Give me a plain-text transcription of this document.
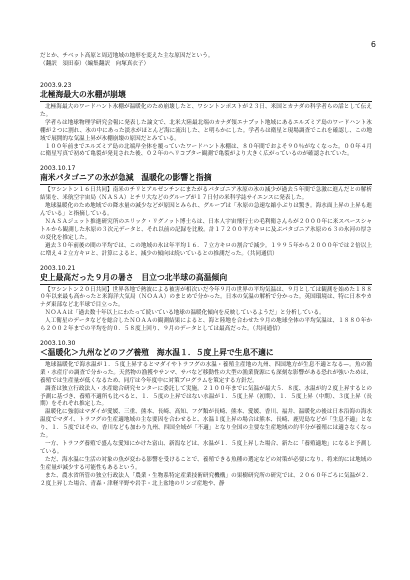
6
だとか、チベット高原と周辺地域の地形を変えた主な原因だという。
（翻訳　須田泰）（編集翻訳　向塚真衣子）
2003.9.23
北極海最大の氷棚が崩壊

北極海最大のワードハント氷棚が温暖化のため崩壊したと、ワシントンポストが２３日、米国とカナダの科学者らの話として伝えた。

学者らは地球物理学研究会報に発表した論文で、北米大陸最北端のカナダ領エナプット地域にあるエルズミア島のワードハント氷棚が２つに割れ、氷の中にあった淡水がほとんど海に流出した、と明らかにした。学者らは衛星と現場調査でこれを確認し、この地域で展開的な気温上昇が氷棚崩壊の原因だとみている。

１００年前までエルズミア島の北端岸全体を覆っていたワードハント氷棚は、８０年間でおよそ９０％がなくなった。００年４月に衛星写真で初めて亀裂が発見された後、０２年のヘリコプター観測で亀裂がより大きく広がっているのが確認されていた。

2003.10.17
南米パタゴニアの氷が急減　温暖化の影響と指摘

【ワシントン１６日共同】南米のチリとアルゼンチンにまたがるパタゴニア氷原の氷の減少が過去５年間で急激に進んだとの解析結果を、米航空宇宙局（ＮＡＳＡ）とチリ大などのグループが１７日付の米科学誌サイエンスに発表した。

地球温暖化のため地域での降水量の減少などが原因とみられ、グループは「氷原の急速な縮小ぶりは驚き。海水面上昇の上昇も進んでいる」と指摘している。

ＮＡＳＡジェット推進研究所のエリック・リグノット博士らは、日本人宇宙飛行士の毛利衛さんらが２０００年に米スペースシャトルから観測した氷原の３次元データと、それ以前の記録を比較。計１７２００平方キロに及ぶパタゴニア氷原の６３の氷河の厚さの変化を推定した。

過去３０年前後の間の平均では、この地域の氷は年平均１６．７立方キロの割合で減少。１９９５年から２０００年では２倍以上に増え４２立方キロと、計算によると、減少の傾向は続いているとの推測だった。（共同通信）

2003.10.21
史上最高だった９月の暑さ　目立つ北半球の高温傾向

【ワシントン２０日共同】世界各地で熱波による被害が相次いだ今年９月の世界の平均気温は、９月としては観測を始めた１８８０年以来最も高かったと米海洋大気局（ＮＯＡＡ）のまとめで分かった。日本の気温の解析で分かった。英国環境は、特に日本やカナダ東部など北半球で目立った。

ＮＯＡＡは「過去数十年以上にわたって続いている地球の温暖化傾向を反映しているようだ」と分析している。

人工衛星のデータなどを総合したＮＯＡＡの観測結果によると、海と陸地を合わせた９月の地球全体の平均気温は、１８８０年から２００２年までの平均を約０．５８度上回り、９月のデータとしては最高だった。（共同通信）

2003.10.30
＜温暖化＞九州などのフグ養殖　海水温１．５度上昇で生息不適に

地球温暖化で海水温が１．５度上昇するとマダイやトラフグの水温・養殖主産地の九州、四国地方が生息不適となる—。魚の漁業・水産庁の調査で分かった。天然物の漁獲やサンマ、サバなど移動性の大型の漁業資源にも深刻な影響がある恐れが強いためは、養殖では生産量が低くなるため、同庁は今年度中に対策プログラムを策定する方針だ。

調査は独立行政法人・水産総合研究センターに委託して実施。２１００年までに気温が最大５．８度、水温が約２度上昇するとの予測に基づき、養殖不適所も比べると、１．５度の上昇ではない水温が１．５度上昇（初期）、１．５度上昇（中期）、３度上昇（長期）をそれぞれ推定した。

温暖化に強弱はマダイが愛媛、三重、熊本、長崎、高知、フグ類が長崎、熊本、愛媛、香川、福井、温暖化の後は日本沿海の海水温度でマダイ、トラフグの生産適地域の主な要因を合わせると、水温１度上昇の場合は熊本、長崎、鹿児島などが「生息不適」となり、１．５度ではその、香川なども加わり九州、四国全域が「不適」となり全国の主要な生産地域の約半分が養殖には適さなくなった。

一方、トラフグ養殖で盛んな愛知にかけた富山、新潟などは、水温が１．５度上昇した場合、新たに「養殖適地」になると予測している。

ただ、海水温に生活の対象の魚が変わる影響を受けることで、養殖できる魚種の選定などの対策が必要になり、将来的には地域の生産量が減少する可能性もあるという。

また、農水省所管の独立行政法人「農業・生物系特定産業技術研究機構」の果樹研究所の研究では、２０６０年ごろに気温が２．２度上昇した場合、青森・津軽平野や岩手・北上盆地のリンゴ産地や、静
